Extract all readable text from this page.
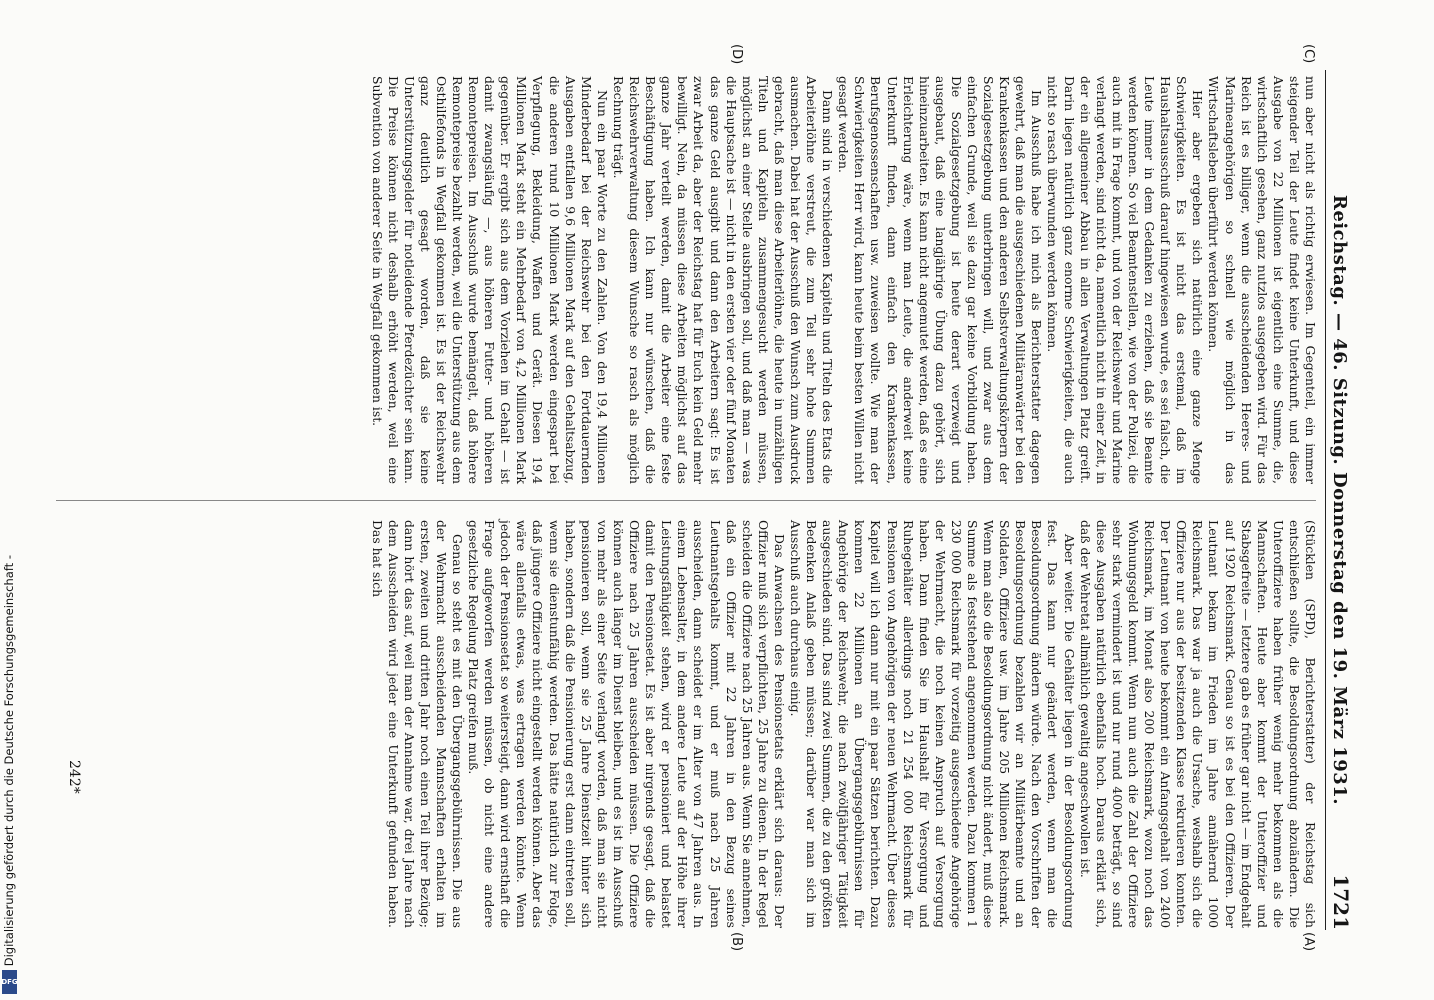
Reichstag. — 46. Sitzung. Donnerstag den 19. März 1931.
1721
(A)
(B)
(C)
(D)

(Stücklen (SPD), Berichterstatter) der Reichstag sich entschließen sollte, die Besoldungsordnung abzuändern. Die Unteroffiziere haben früher wenig mehr bekommen als die Mannschaften. Heute aber kommt der Unteroffizier und Stabsgefreite — letztere gab es früher gar nicht — im Endgehalt auf 1920 Reichsmark. Genau so ist es bei den Offizieren. Der Leutnant bekam im Frieden im Jahre annähernd 1000 Reichsmark. Das war ja auch die Ursache, weshalb sich die Offiziere nur aus der besitzenden Klasse rekrutieren konnten. Der Leutnant von heute bekommt ein Anfangsgehalt von 2400 Reichsmark, im Monat also 200 Reichsmark, wozu noch das Wohnungsgeld kommt. Wenn nun auch die Zahl der Offiziere sehr stark vermindert ist und nur rund 4000 beträgt, so sind diese Ausgaben natürlich ebenfalls hoch. Daraus erklärt sich, daß der Wehretat allmählich gewaltig angeschwollen ist.

Aber weiter. Die Gehälter liegen in der Besoldungsordnung fest. Das kann nur geändert werden, wenn man die Besoldungsordnung ändern würde. Nach den Vorschriften der Besoldungsordnung bezahlen wir an Militärbeamte und an Soldaten, Offiziere usw. im Jahre 205 Millionen Reichsmark. Wenn man also die Besoldungsordnung nicht ändert, muß diese Summe als feststehend angenommen werden. Dazu kommen 1 230 000 Reichsmark für vorzeitig ausgeschiedene Angehörige der Wehrmacht, die noch keinen Anspruch auf Versorgung haben. Dann finden Sie im Haushalt für Versorgung und Ruhegehälter allerdings noch 21 254 000 Reichsmark für Pensionen von Angehörigen der neuen Wehrmacht. Über dieses Kapitel will ich dann nur mit ein paar Sätzen berichten. Dazu kommen 22 Millionen an Übergangsgebührnissen für Angehörige der Reichswehr, die nach zwölfjähriger Tätigkeit ausgeschieden sind. Das sind zwei Summen, die zu den größten Bedenken Anlaß geben müssen; darüber war man sich im Ausschuß auch durchaus einig.

Das Anwachsen des Pensionsetats erklärt sich daraus: Der Offizier muß sich verpflichten, 25 Jahre zu dienen. In der Regel scheiden die Offiziere nach 25 Jahren aus. Wenn Sie annehmen, daß ein Offizier mit 22 Jahren in den Bezug seines Leutnantsgehalts kommt, und er muß nach 25 Jahren ausscheiden, dann scheidet er im Alter von 47 Jahren aus. In einem Lebensalter, in dem andere Leute auf der Höhe ihrer Leistungsfähigkeit stehen, wird er pensioniert und belastet damit den Pensionsetat. Es ist aber nirgends gesagt, daß die Offiziere nach 25 Jahren ausscheiden müssen. Die Offiziere können auch länger im Dienst bleiben, und es ist im Ausschuß von mehr als einer Seite verlangt worden, daß man sie nicht pensionieren soll, wenn sie 25 Jahre Dienstzeit hinter sich haben, sondern daß die Pensionierung erst dann eintreten soll, wenn sie dienstunfähig werden. Das hätte natürlich zur Folge, daß jüngere Offiziere nicht eingestellt werden können. Aber das wäre allenfalls etwas, was ertragen werden könnte. Wenn jedoch der Pensionsetat so weitersteigt, dann wird ernsthaft die Frage aufgeworfen werden müssen, ob nicht eine andere gesetzliche Regelung Platz greifen muß.

Genau so steht es mit den Übergangsgebührnissen. Die aus der Wehrmacht ausscheidenden Mannschaften erhalten im ersten, zweiten und dritten Jahr noch einen Teil ihrer Bezüge; dann hört das auf, weil man der Annahme war, drei Jahre nach dem Ausscheiden wird jeder eine Unterkunft gefunden haben. Das hat sich

nun aber nicht als richtig erwiesen. Im Gegenteil, ein immer steigender Teil der Leute findet keine Unterkunft, und diese Ausgabe von 22 Millionen ist eigentlich eine Summe, die, wirtschaftlich gesehen, ganz nutzlos ausgegeben wird. Für das Reich ist es billiger, wenn die ausscheidenden Heeres- und Marineangehörigen so schnell wie möglich in das Wirtschaftsleben überführt werden können.

Hier aber ergeben sich natürlich eine ganze Menge Schwierigkeiten. Es ist nicht das erstemal, daß im Haushaltsausschuß darauf hingewiesen wurde, es sei falsch, die Leute immer in dem Gedanken zu erziehen, daß sie Beamte werden können. So viel Beamtenstellen, wie von der Polizei, die auch mit in Frage kommt, und von der Reichswehr und Marine verlangt werden, sind nicht da, namentlich nicht in einer Zeit, in der ein allgemeiner Abbau in allen Verwaltungen Platz greift. Darin liegen natürlich ganz enorme Schwierigkeiten, die auch nicht so rasch überwunden werden können.

Im Ausschuß habe ich mich als Berichterstatter dagegen gewehrt, daß man die ausgeschiedenen Militäranwärter bei den Krankenkassen und den anderen Selbstverwaltungskörpern der Sozialgesetzgebung unterbringen will, und zwar aus dem einfachen Grunde, weil sie dazu gar keine Vorbildung haben. Die Sozialgesetzgebung ist heute derart verzweigt und ausgebaut, daß eine langjährige Übung dazu gehört, sich hineinzuarbeiten. Es kann nicht angemutet werden, daß es eine Erleichterung wäre, wenn man Leute, die anderweit keine Unterkunft finden, dann einfach den Krankenkassen, Berufsgenossenschaften usw. zuweisen wollte. Wie man der Schwierigkeiten Herr wird, kann heute beim besten Willen nicht gesagt werden.

Dann sind in verschiedenen Kapiteln und Titeln des Etats die Arbeiterlöhne verstreut, die zum Teil sehr hohe Summen ausmachen. Dabei hat der Ausschuß den Wunsch zum Ausdruck gebracht, daß man diese Arbeiterlöhne, die heute in unzähligen Titeln und Kapiteln zusammengesucht werden müssen, möglichst an einer Stelle ausbringen soll, und daß man — was die Hauptsache ist — nicht in den ersten vier oder fünf Monaten das ganze Geld ausgibt und dann den Arbeitern sagt: Es ist zwar Arbeit da, aber der Reichstag hat für Euch kein Geld mehr bewilligt. Nein, da müssen diese Arbeiten möglichst auf das ganze Jahr verteilt werden, damit die Arbeiter eine feste Beschäftigung haben. Ich kann nur wünschen, daß die Reichswehrverwaltung diesem Wunsche so rasch als möglich Rechnung trägt.

Nun ein paar Worte zu den Zahlen. Von den 19,4 Millionen Minderbedarf bei der Reichswehr bei den Fortdauernden Ausgaben entfallen 9,6 Millionen Mark auf den Gehaltsabzug, die anderen rund 10 Millionen Mark werden eingespart bei Verpflegung, Bekleidung, Waffen und Gerät. Diesen 19,4 Millionen Mark steht ein Mehrbedarf von 4,2 Millionen Mark gegenüber. Er ergibt sich aus dem Vorziehen im Gehalt — ist damit zwangsläufig —, aus höheren Futter- und höheren Remontepreisen. Im Ausschuß wurde bemängelt, daß höhere Remontepreise bezahlt werden, weil die Unterstützung aus dem Osthilfefonds in Wegfall gekommen ist. Es ist der Reichswehr ganz deutlich gesagt worden, daß sie keine Unterstützungsgelder für notleidende Pferdezüchter sein kann. Die Preise können nicht deshalb erhöht werden, weil eine Subvention von anderer Seite in Wegfall gekommen ist.

242*
Digitalisierung gefördert durch die Deutsche Forschungsgemeinschaft -
DFG
